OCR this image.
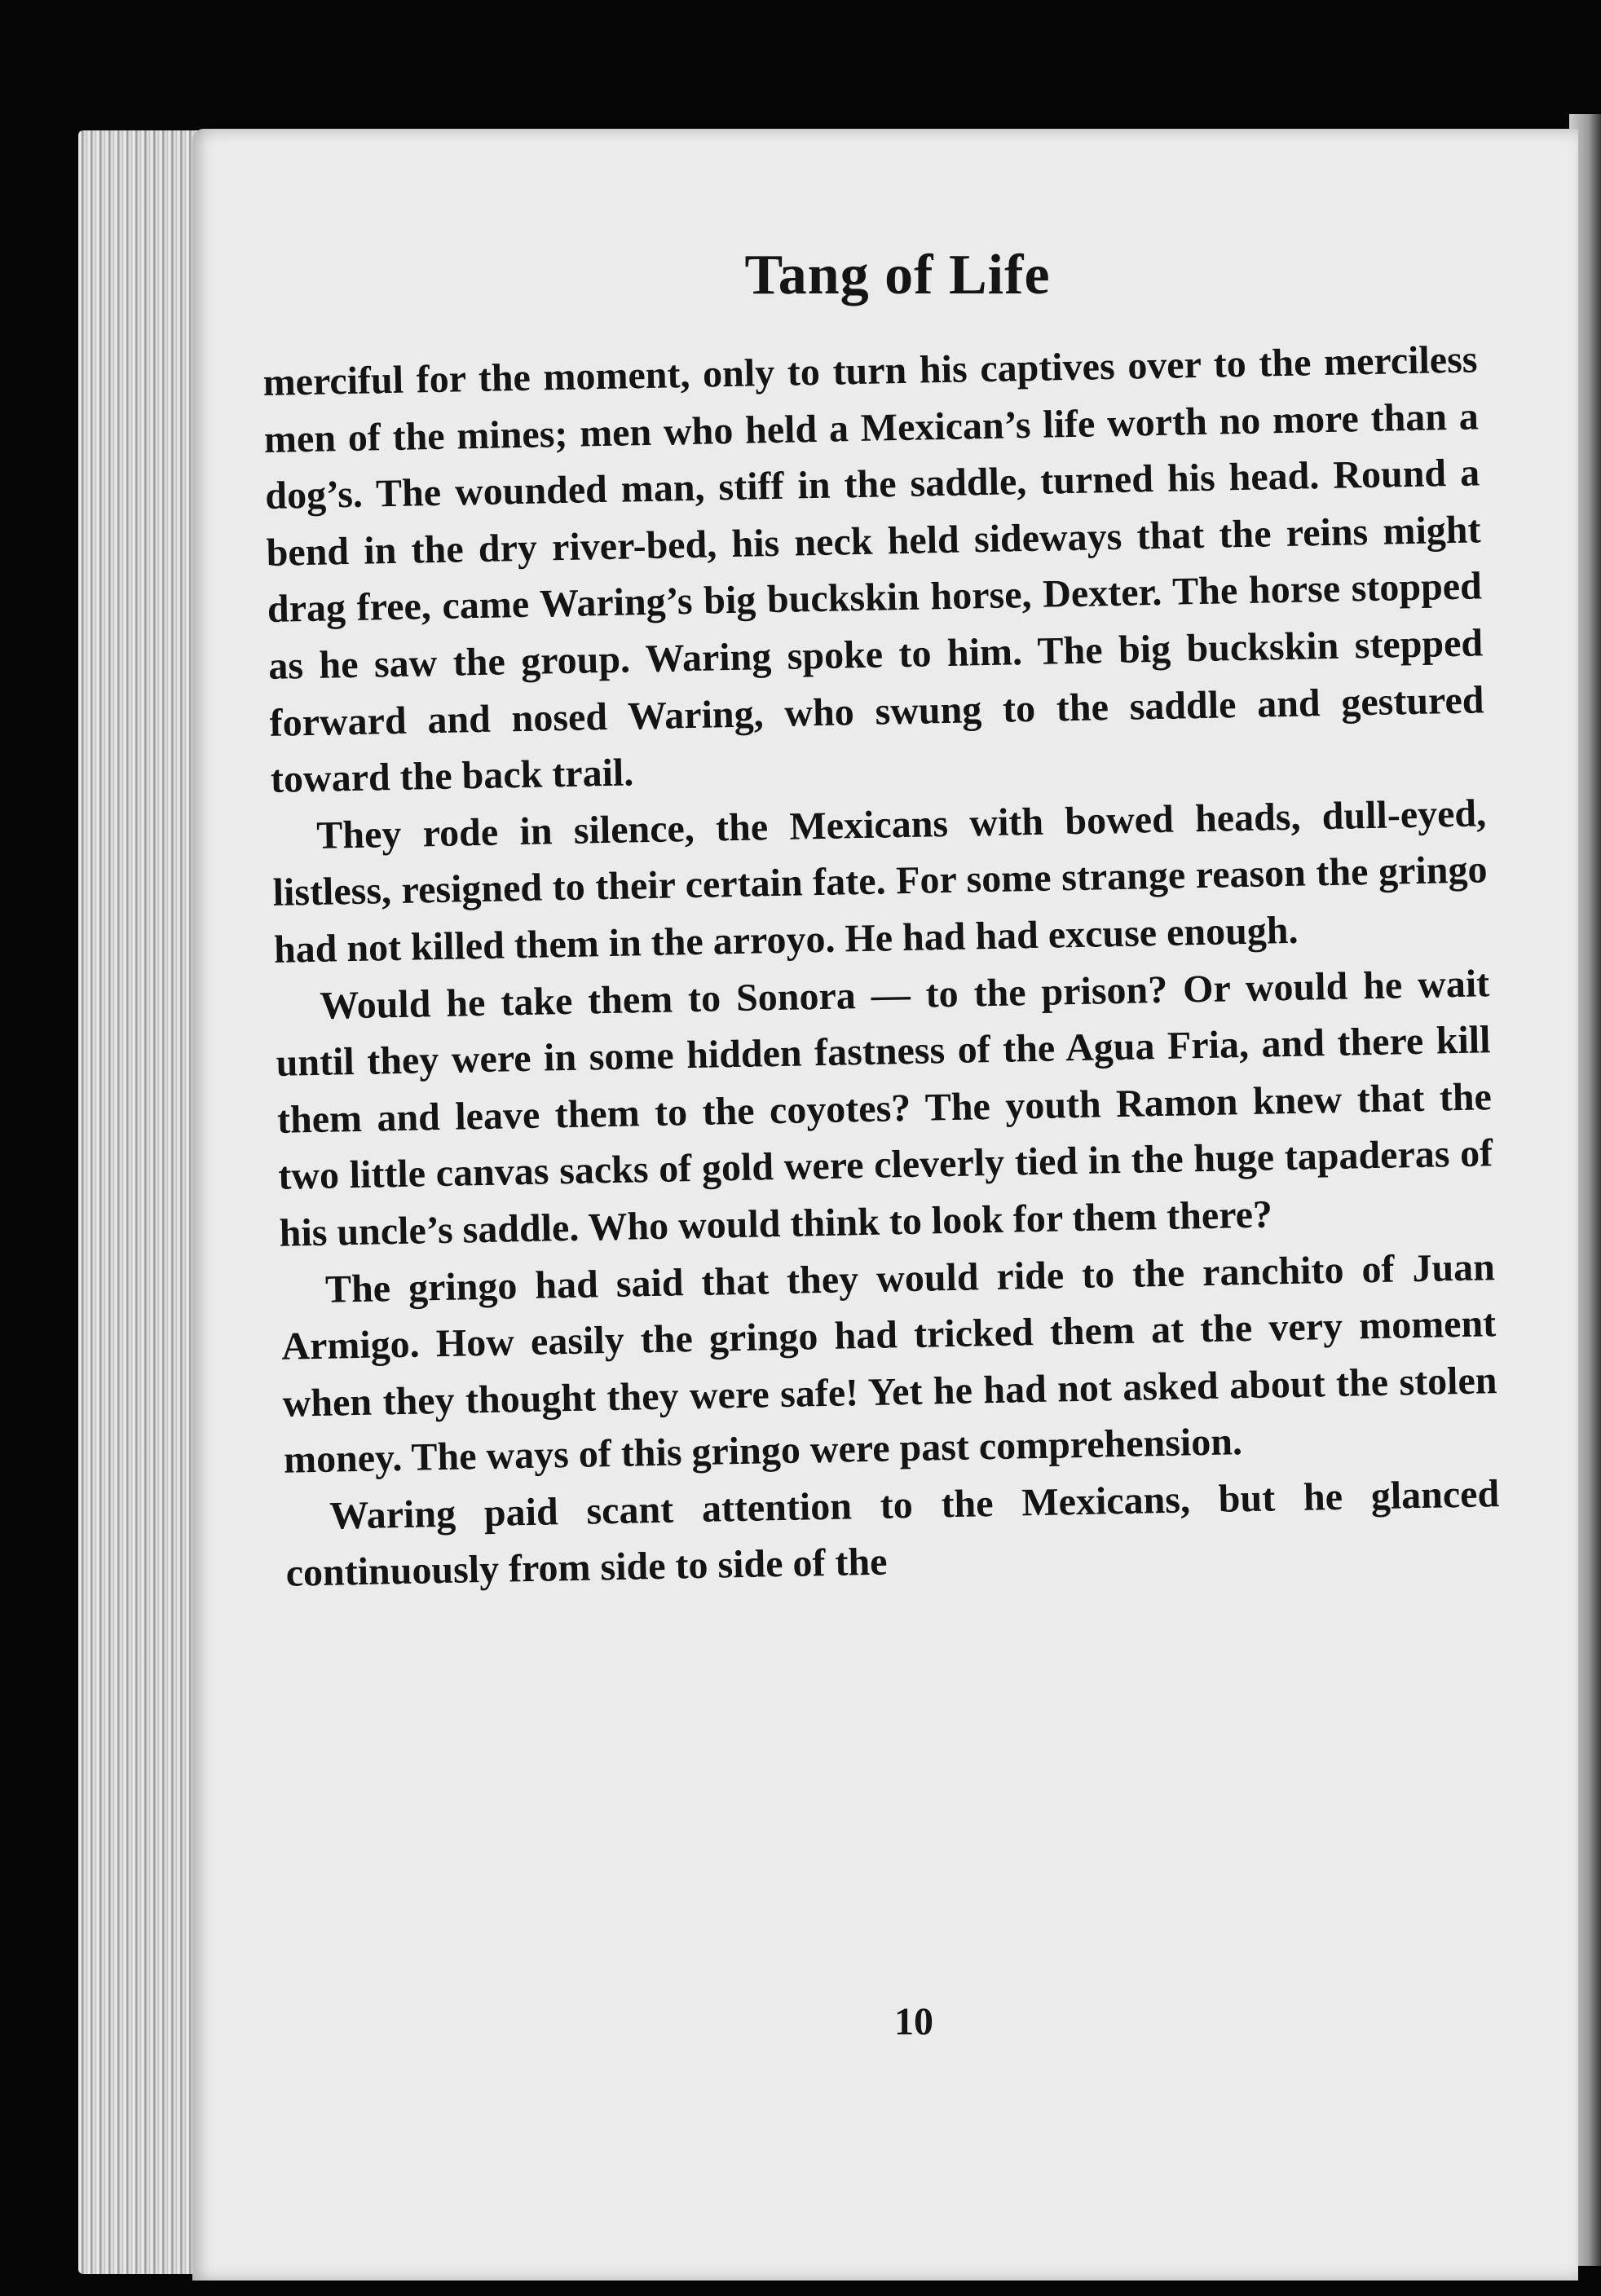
Tang of Life
10

merciful for the moment, only to turn his captives over to the merciless men of the mines; men who held a Mexican’s life worth no more than a dog’s. The wounded man, stiff in the saddle, turned his head. Round a bend in the dry river-bed, his neck held sideways that the reins might drag free, came Waring’s big buckskin horse, Dexter. The horse stopped as he saw the group. Waring spoke to him. The big buckskin stepped forward and nosed Waring, who swung to the saddle and gestured toward the back trail.

They rode in silence, the Mexicans with bowed heads, dull-eyed, listless, resigned to their certain fate. For some strange reason the gringo had not killed them in the arroyo. He had had excuse enough.

Would he take them to Sonora — to the prison? Or would he wait until they were in some hidden fastness of the Agua Fria, and there kill them and leave them to the coyotes? The youth Ramon knew that the two little canvas sacks of gold were cleverly tied in the huge tapaderas of his uncle’s saddle. Who would think to look for them there?

The gringo had said that they would ride to the ranchito of Juan Armigo. How easily the gringo had tricked them at the very moment when they thought they were safe! Yet he had not asked about the stolen money. The ways of this gringo were past comprehension.

Waring paid scant attention to the Mexicans, but he glanced continuously from side to side of the
